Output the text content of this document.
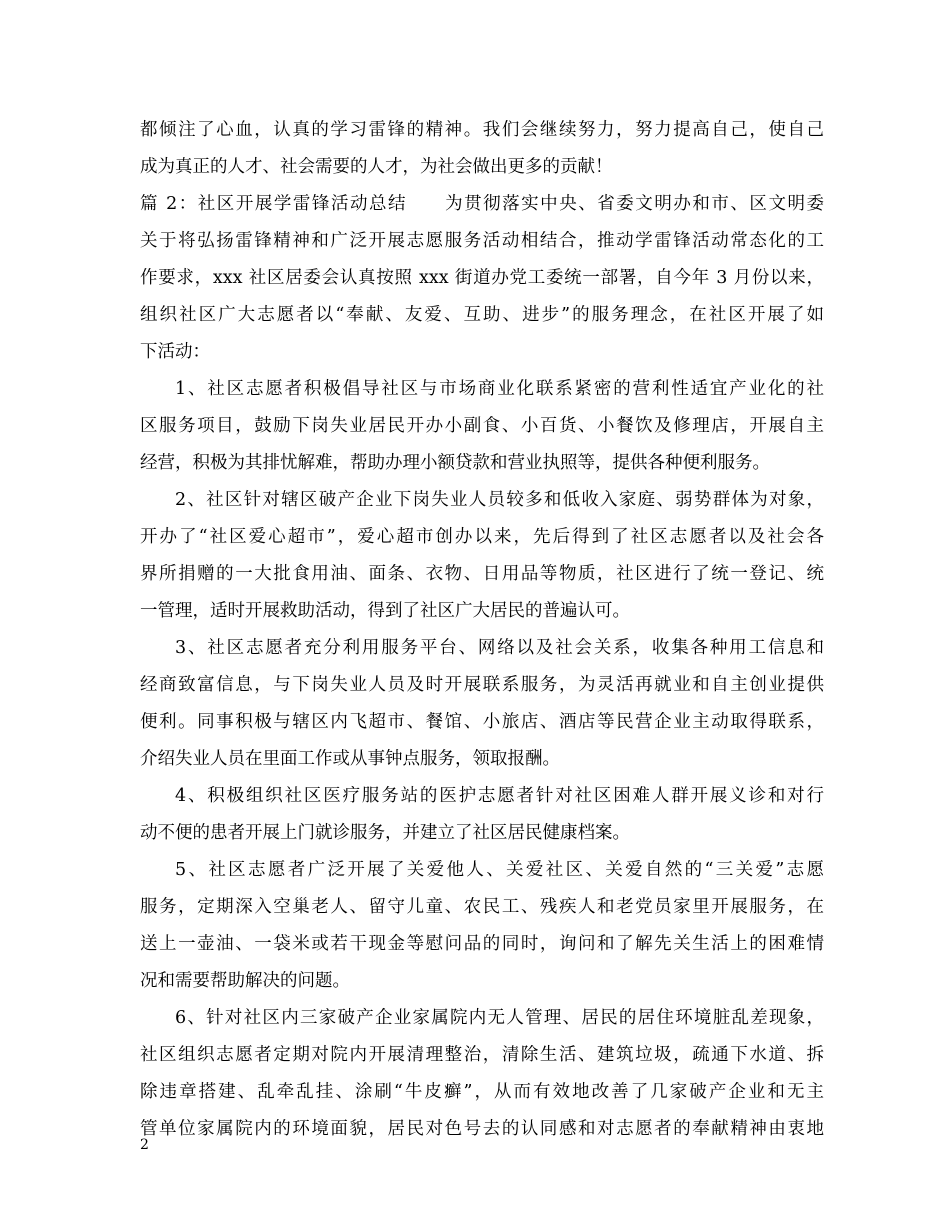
都倾注了心血，认真的学习雷锋的精神。我们会继续努力，努力提高自己，使自己
成为真正的人才、社会需要的人才，为社会做出更多的贡献！
篇 2：社区开展学雷锋活动总结　　为贯彻落实中央、省委文明办和市、区文明委
关于将弘扬雷锋精神和广泛开展志愿服务活动相结合，推动学雷锋活动常态化的工
作要求，xxx 社区居委会认真按照 xxx 街道办党工委统一部署，自今年 3 月份以来，
组织社区广大志愿者以“奉献、友爱、互助、进步”的服务理念，在社区开展了如
下活动：
1、社区志愿者积极倡导社区与市场商业化联系紧密的营利性适宜产业化的社
区服务项目，鼓励下岗失业居民开办小副食、小百货、小餐饮及修理店，开展自主
经营，积极为其排忧解难，帮助办理小额贷款和营业执照等，提供各种便利服务。
2、社区针对辖区破产企业下岗失业人员较多和低收入家庭、弱势群体为对象，
开办了“社区爱心超市”，爱心超市创办以来，先后得到了社区志愿者以及社会各
界所捐赠的一大批食用油、面条、衣物、日用品等物质，社区进行了统一登记、统
一管理，适时开展救助活动，得到了社区广大居民的普遍认可。
3、社区志愿者充分利用服务平台、网络以及社会关系，收集各种用工信息和
经商致富信息，与下岗失业人员及时开展联系服务，为灵活再就业和自主创业提供
便利。同事积极与辖区内飞超市、餐馆、小旅店、酒店等民营企业主动取得联系，
介绍失业人员在里面工作或从事钟点服务，领取报酬。
4、积极组织社区医疗服务站的医护志愿者针对社区困难人群开展义诊和对行
动不便的患者开展上门就诊服务，并建立了社区居民健康档案。
5、社区志愿者广泛开展了关爱他人、关爱社区、关爱自然的“三关爱”志愿
服务，定期深入空巢老人、留守儿童、农民工、残疾人和老党员家里开展服务，在
送上一壶油、一袋米或若干现金等慰问品的同时，询问和了解先关生活上的困难情
况和需要帮助解决的问题。
6、针对社区内三家破产企业家属院内无人管理、居民的居住环境脏乱差现象，
社区组织志愿者定期对院内开展清理整治，清除生活、建筑垃圾，疏通下水道、拆
除违章搭建、乱牵乱挂、涂刷“牛皮癣”，从而有效地改善了几家破产企业和无主
管单位家属院内的环境面貌，居民对色号去的认同感和对志愿者的奉献精神由衷地
2
